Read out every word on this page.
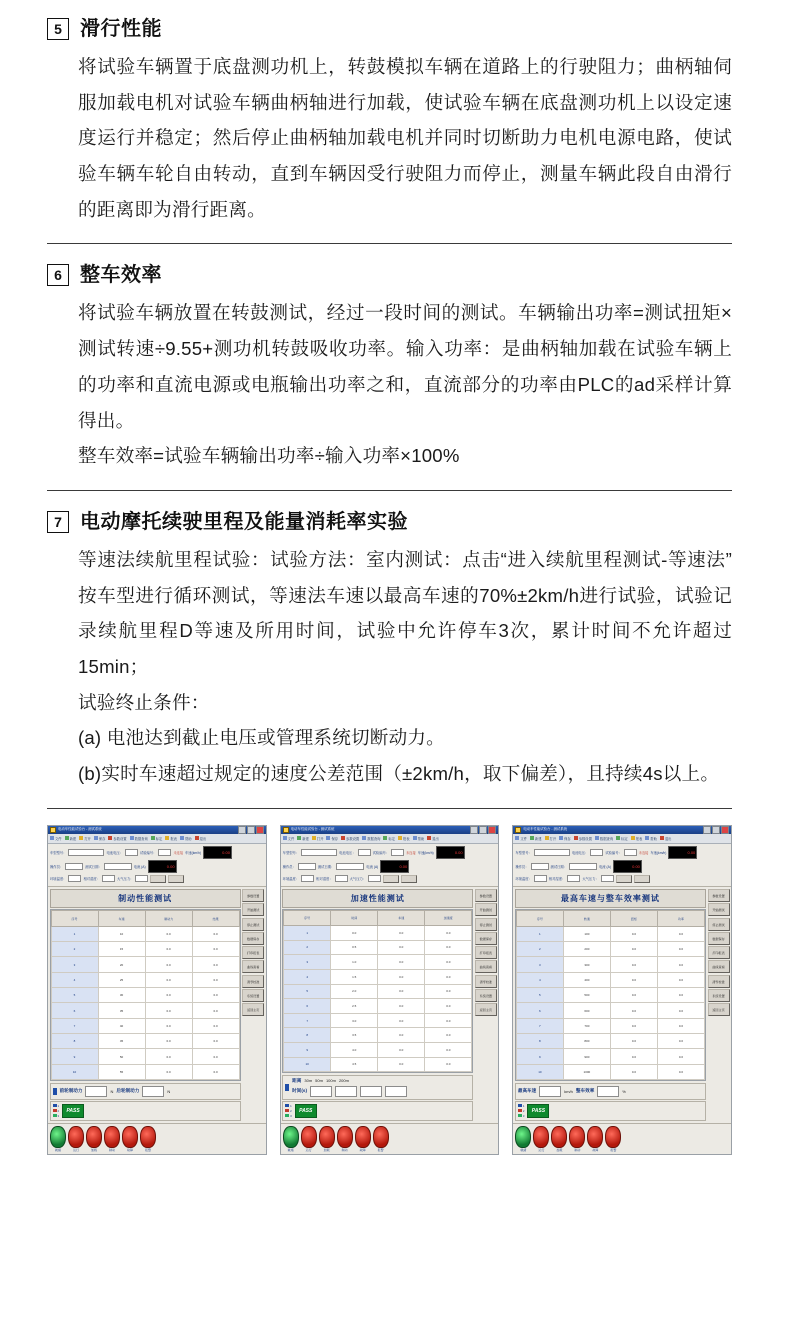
5 滑行性能

将试验车辆置于底盘测功机上，转鼓模拟车辆在道路上的行驶阻力；曲柄轴伺服加载电机对试验车辆曲柄轴进行加载，使试验车辆在底盘测功机上以设定速度运行并稳定；然后停止曲柄轴加载电机并同时切断助力电机电源电路，使试验车辆车轮自由转动，直到车辆因受行驶阻力而停止，测量车辆此段自由滑行的距离即为滑行距离。

6 整车效率

将试验车辆放置在转鼓测试，经过一段时间的测试。车辆输出功率=测试扭矩×测试转速÷9.55+测功机转鼓吸收功率。输入功率：是曲柄轴加载在试验车辆上的功率和直流电源或电瓶输出功率之和，直流部分的功率由PLC的ad采样计算得出。

整车效率=试验车辆输出功率÷输入功率×100%

7 电动摩托续驶里程及能量消耗率实验

等速法续航里程试验：试验方法：室内测试：点击“进入续航里程测试-等速法”按车型进行循环测试，等速法车速以最高车速的70%±2km/h进行试验，试验记录续航里程D等速及所用时间，试验中允许停车3次，累计时间不允许超过15min；

试验终止条件：

(a) 电池达到截止电压或管理系统切断动力。

(b)实时车速超过规定的速度公差范围（±2km/h，取下偏差），且持续4s以上。

电动车性能试验台 - 测试系统
文件 新建 打开 保存 参数设置 数据查询 标定 报表 帮助 退出
车型型号：	电池电压：	试验编号：	未连接 车速(km/h)	0.00
操作员：	测试日期：	电流 (A)	0.00
环境温度：	相对湿度：	大气压力：
制动性能测试
序号	车速	制动力	结果
1	10	0.0	0.0
2	15	0.0	0.0
3	20	0.0	0.0
4	25	0.0	0.0
5	30	0.0	0.0
6	35	0.0	0.0
7	40	0.0	0.0
8	45	0.0	0.0
9	50	0.0	0.0
10	55	0.0	0.0
前轮制动力	N 后轮制动力	N
1
2
3
PASS
参数设置
开始测试
停止测试
数据保存
打印报表
曲线查看
清零校准
系统设置
返回主页
就绪	运行	加载	制动	故障	报警
电动车性能试验台 - 测试系统
文件 新建 打开 保存 参数设置 数据查询 标定 报表 帮助 退出
车型型号：	电池电压：	试验编号：	未连接 车速(km/h)	0.00
操作员：	测试日期：	电流 (A)	0.00
环境温度：	相对湿度：	大气压力：
加速性能测试
序号	时间	车速	加速度
1	0.0	0.0	0.0
2	0.5	0.0	0.0
3	1.0	0.0	0.0
4	1.5	0.0	0.0
5	2.0	0.0	0.0
6	2.5	0.0	0.0
7	3.0	0.0	0.0
8	3.5	0.0	0.0
9	4.0	0.0	0.0
10	4.5	0.0	0.0
距离 30m 50m 100m 200m
时间(s)
1
2
3
PASS
参数设置
开始测试
停止测试
数据保存
打印报表
曲线查看
清零校准
系统设置
返回主页
就绪	运行	加载	制动	故障	报警
电动车性能试验台 - 测试系统
文件 新建 打开 保存 参数设置 数据查询 标定 报表 帮助 退出
车型型号：	电池电压：	试验编号：	未连接 车速(km/h)	0.00
操作员：	测试日期：	电流 (A)	0.00
环境温度：	相对湿度：	大气压力：
最高车速与整车效率测试
序号	转速	扭矩	功率
1	100	0.0	0.0
2	200	0.0	0.0
3	300	0.0	0.0
4	400	0.0	0.0
5	500	0.0	0.0
6	600	0.0	0.0
7	700	0.0	0.0
8	800	0.0	0.0
9	900	0.0	0.0
10	1000	0.0	0.0
最高车速	km/h 整车效率	%
1
2
3
PASS
参数设置
开始测试
停止测试
数据保存
打印报表
曲线查看
清零校准
系统设置
返回主页
就绪	运行	加载	制动	故障	报警
